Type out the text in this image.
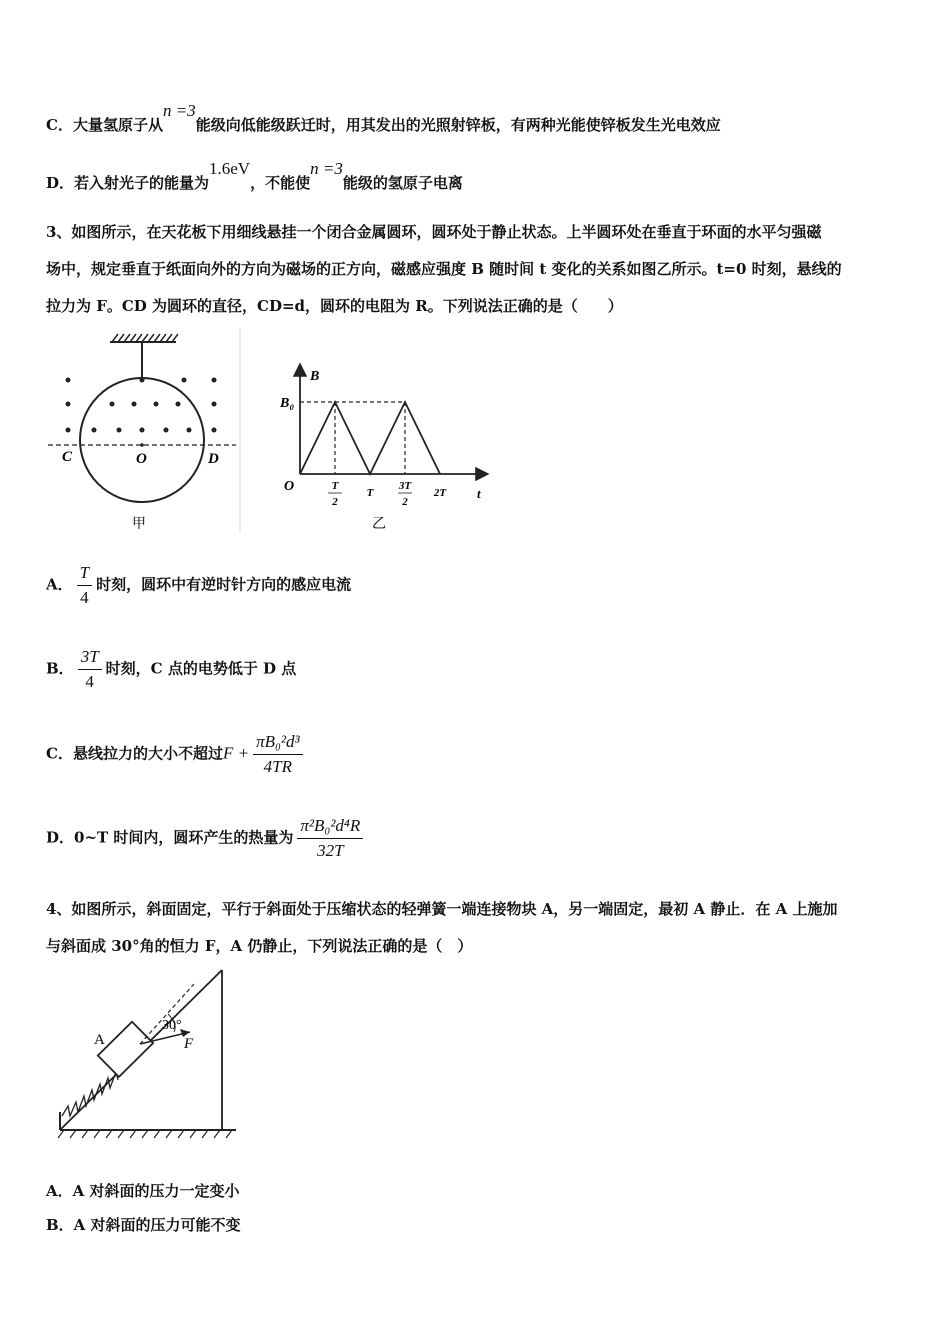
C．大量氢原子从n =3能级向低能级跃迁时，用其发出的光照射锌板，有两种光能使锌板发生光电效应
D．若入射光子的能量为1.6eV，不能使n =3能级的氢原子电离
3、如图所示，在天花板下用细线悬挂一个闭合金属圆环，圆环处于静止状态。上半圆环处在垂直于环面的水平匀强磁
场中，规定垂直于纸面向外的方向为磁场的正方向，磁感应强度 B 随时间 t 变化的关系如图乙所示。t=0 时刻，悬线的
拉力为 F。CD 为圆环的直径，CD=d，圆环的电阻为 R。下列说法正确的是（　　）
C	O	D
甲
B
t
O
B₀
T 2
T
3T 2
2T
乙
A． $\frac{T}{4}$ 时刻，圆环中有逆时针方向的感应电流
B． $\frac{3T}{4}$ 时刻，C 点的电势低于 D 点
C．悬线拉力的大小不超过$F + \frac{\text{πB₀²d³}}{4TR}$
D．0~T 时间内，圆环产生的热量为 $\frac{\text{π²B₀²d⁴R}}{32T}$
4、如图所示，斜面固定，平行于斜面处于压缩状态的轻弹簧一端连接物块 A，另一端固定，最初 A 静止．在 A 上施加
与斜面成 30°角的恒力 F，A 仍静止，下列说法正确的是（　）
A
30°
F
A．A 对斜面的压力一定变小
B．A 对斜面的压力可能不变
